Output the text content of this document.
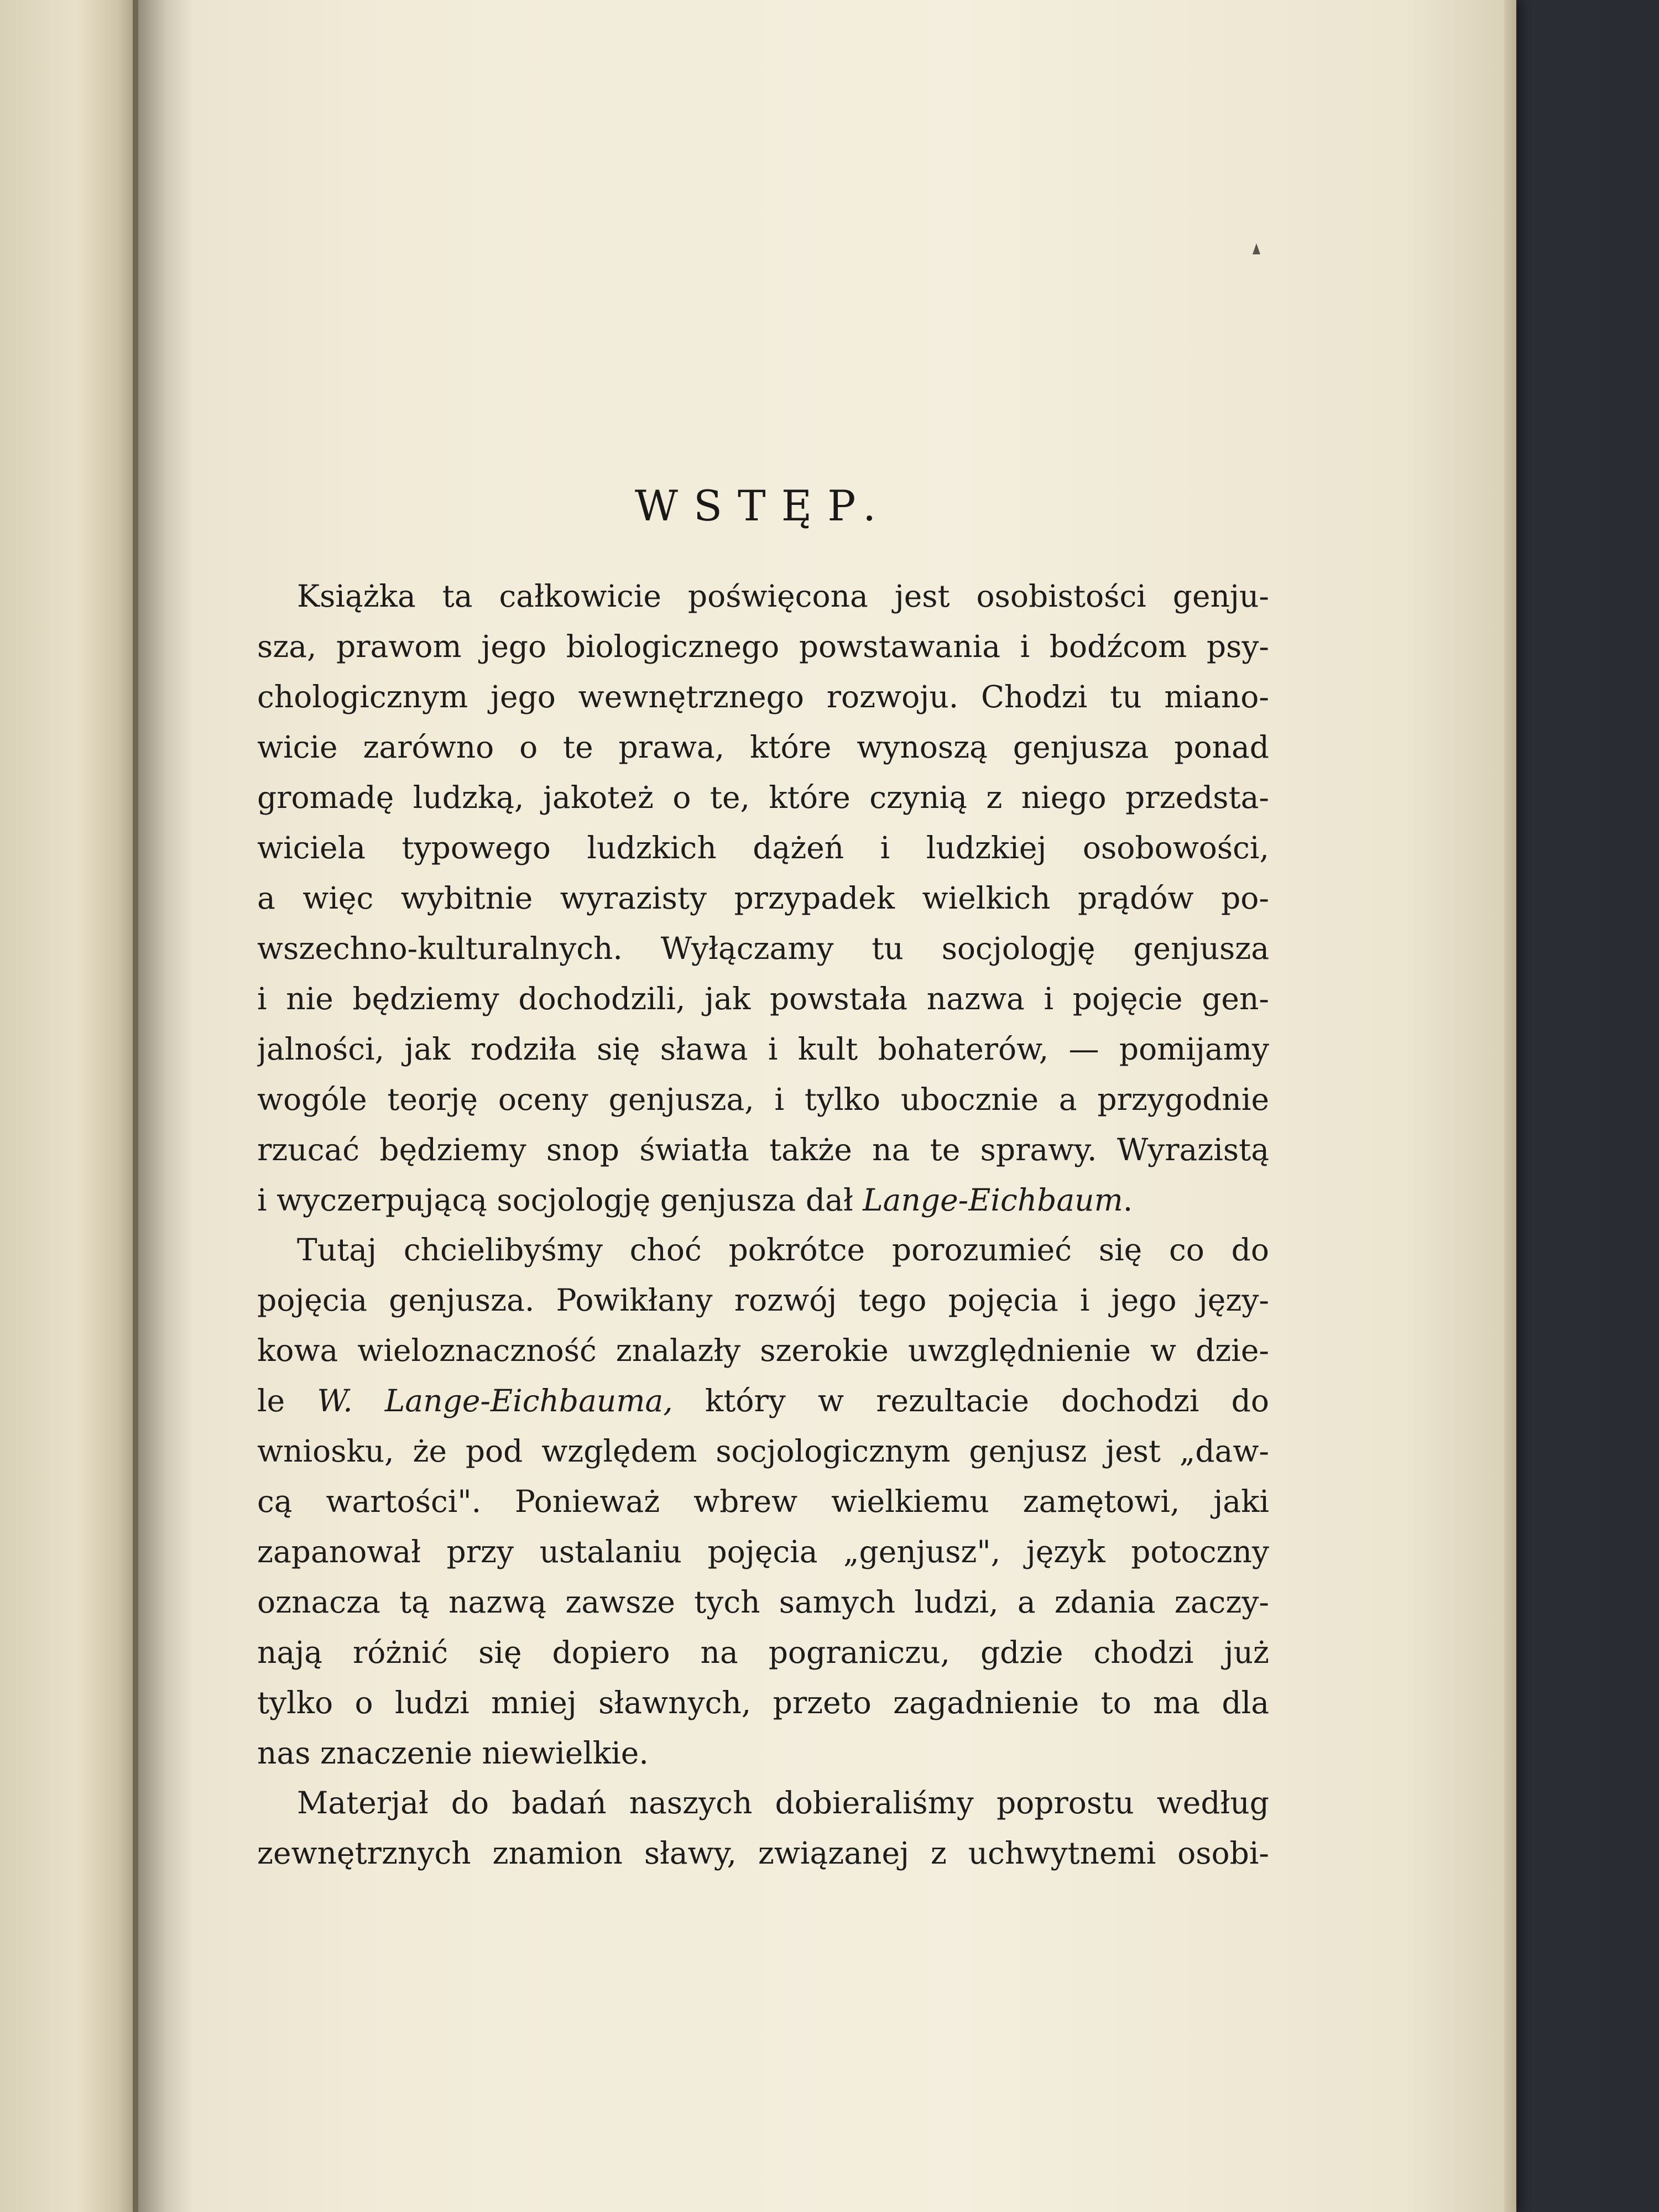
WSTĘP.
Książka ta całkowicie poświęcona jest osobistości genju-
sza, prawom jego biologicznego powstawania i bodźcom psy-
chologicznym jego wewnętrznego rozwoju. Chodzi tu miano-
wicie zarówno o te prawa, które wynoszą genjusza ponad
gromadę ludzką, jakoteż o te, które czynią z niego przedsta-
wiciela typowego ludzkich dążeń i ludzkiej osobowości,
a więc wybitnie wyrazisty przypadek wielkich prądów po-
wszechno-kulturalnych. Wyłączamy tu socjologję genjusza
i nie będziemy dochodzili, jak powstała nazwa i pojęcie gen-
jalności, jak rodziła się sława i kult bohaterów, — pomijamy
wogóle teorję oceny genjusza, i tylko ubocznie a przygodnie
rzucać będziemy snop światła także na te sprawy. Wyrazistą
i wyczerpującą socjologję genjusza dał Lange-Eichbaum.
Tutaj chcielibyśmy choć pokrótce porozumieć się co do
pojęcia genjusza. Powikłany rozwój tego pojęcia i jego języ-
kowa wieloznaczność znalazły szerokie uwzględnienie w dzie-
le W. Lange-Eichbauma, który w rezultacie dochodzi do
wniosku, że pod względem socjologicznym genjusz jest „daw-
cą wartości". Ponieważ wbrew wielkiemu zamętowi, jaki
zapanował przy ustalaniu pojęcia „genjusz", język potoczny
oznacza tą nazwą zawsze tych samych ludzi, a zdania zaczy-
nają różnić się dopiero na pograniczu, gdzie chodzi już
tylko o ludzi mniej sławnych, przeto zagadnienie to ma dla
nas znaczenie niewielkie.
Materjał do badań naszych dobieraliśmy poprostu według
zewnętrznych znamion sławy, związanej z uchwytnemi osobi-
